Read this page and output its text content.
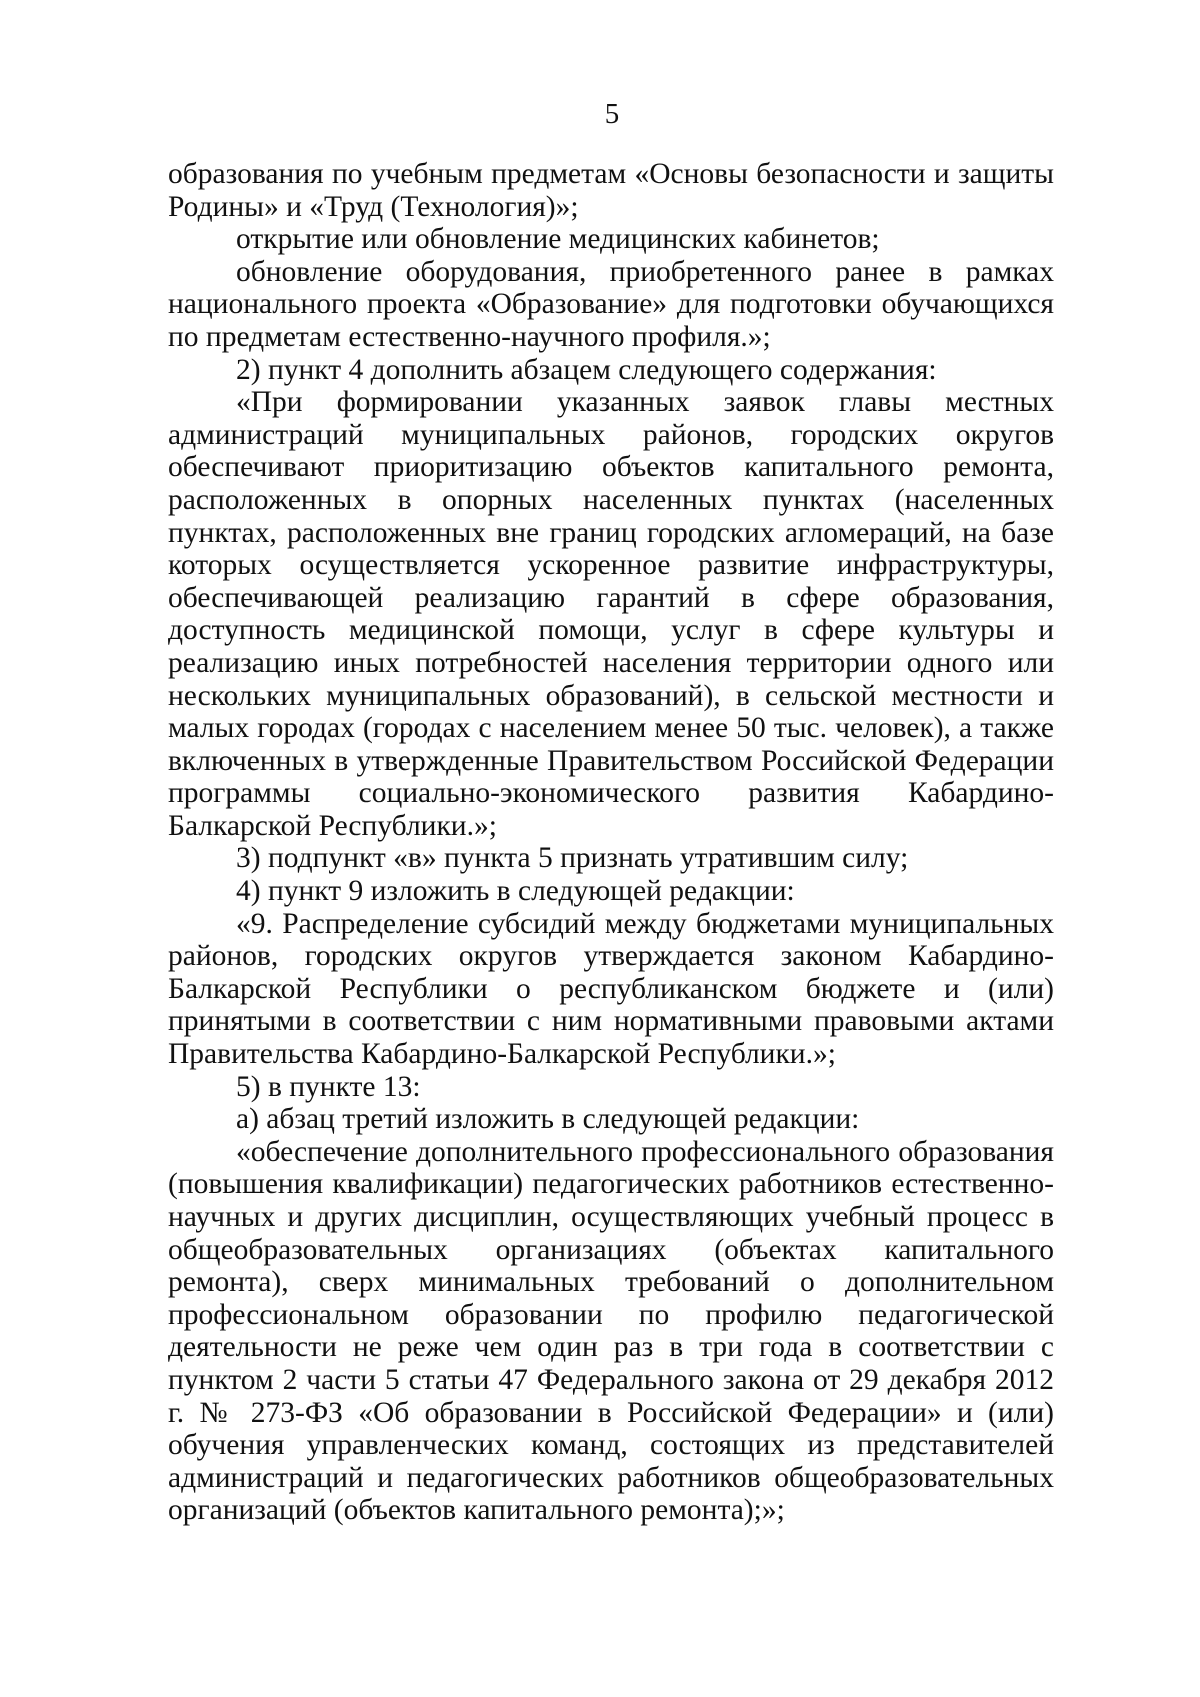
5

образования по учебным предметам «Основы безопасности и защиты Родины» и «Труд (Технология)»;

открытие или обновление медицинских кабинетов;

обновление оборудования, приобретенного ранее в рамках национального проекта «Образование» для подготовки обучающихся по предметам естественно-научного профиля.»;

2) пункт 4 дополнить абзацем следующего содержания:

«При формировании указанных заявок главы местных администраций муниципальных районов, городских округов обеспечивают приоритизацию объектов капитального ремонта, расположенных в опорных населенных пунктах (населенных пунктах, расположенных вне границ городских агломераций, на базе которых осуществляется ускоренное развитие инфраструктуры, обеспечивающей реализацию гарантий в сфере образования, доступность медицинской помощи, услуг в сфере культуры и реализацию иных потребностей населения территории одного или нескольких муниципальных образований), в сельской местности и малых городах (городах с населением менее 50 тыс. человек), а также включенных в утвержденные Правительством Российской Федерации программы социально-экономического развития Кабардино-Балкарской Республики.»;

3) подпункт «в» пункта 5 признать утратившим силу;

4) пункт 9 изложить в следующей редакции:

«9. Распределение субсидий между бюджетами муниципальных районов, городских округов утверждается законом Кабардино-Балкарской Республики о республиканском бюджете и (или) принятыми в соответствии с ним нормативными правовыми актами Правительства Кабардино-Балкарской Республики.»;

5) в пункте 13:

а) абзац третий изложить в следующей редакции:

«обеспечение дополнительного профессионального образования (повышения квалификации) педагогических работников естественно-научных и других дисциплин, осуществляющих учебный процесс в общеобразовательных организациях (объектах капитального ремонта), сверх минимальных требований о дополнительном профессиональном образовании по профилю педагогической деятельности не реже чем один раз в три года в соответствии с пунктом 2 части 5 статьи 47 Федерального закона от 29 декабря 2012 г. № 273-ФЗ «Об образовании в Российской Федерации» и (или) обучения управленческих команд, состоящих из представителей администраций и педагогических работников общеобразовательных организаций (объектов капитального ремонта);»;
